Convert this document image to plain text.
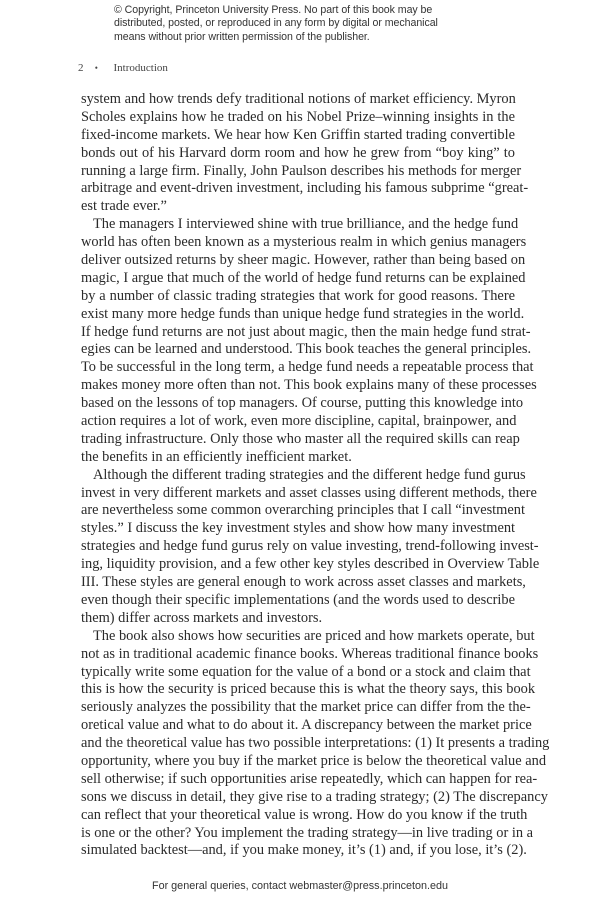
© Copyright, Princeton University Press. No part of this book may be
distributed, posted, or reproduced in any form by digital or mechanical
means without prior written permission of the publisher.
2 • Introduction
system and how trends defy traditional notions of market efficiency. Myron
Scholes explains how he traded on his Nobel Prize–winning insights in the
fixed-income markets. We hear how Ken Griffin started trading convertible
bonds out of his Harvard dorm room and how he grew from “boy king” to
running a large firm. Finally, John Paulson describes his methods for merger
arbitrage and event-driven investment, including his famous subprime “great-
est trade ever.”
The managers I interviewed shine with true brilliance, and the hedge fund
world has often been known as a mysterious realm in which genius managers
deliver outsized returns by sheer magic. However, rather than being based on
magic, I argue that much of the world of hedge fund returns can be explained
by a number of classic trading strategies that work for good reasons. There
exist many more hedge funds than unique hedge fund strategies in the world.
If hedge fund returns are not just about magic, then the main hedge fund strat-
egies can be learned and understood. This book teaches the general principles.
To be successful in the long term, a hedge fund needs a repeatable process that
makes money more often than not. This book explains many of these processes
based on the lessons of top managers. Of course, putting this knowledge into
action requires a lot of work, even more discipline, capital, brainpower, and
trading infrastructure. Only those who master all the required skills can reap
the benefits in an efficiently inefficient market.
Although the different trading strategies and the different hedge fund gurus
invest in very different markets and asset classes using different methods, there
are nevertheless some common overarching principles that I call “investment
styles.” I discuss the key investment styles and show how many investment
strategies and hedge fund gurus rely on value investing, trend-following invest-
ing, liquidity provision, and a few other key styles described in Overview Table
III. These styles are general enough to work across asset classes and markets,
even though their specific implementations (and the words used to describe
them) differ across markets and investors.
The book also shows how securities are priced and how markets operate, but
not as in traditional academic finance books. Whereas traditional finance books
typically write some equation for the value of a bond or a stock and claim that
this is how the security is priced because this is what the theory says, this book
seriously analyzes the possibility that the market price can differ from the the-
oretical value and what to do about it. A discrepancy between the market price
and the theoretical value has two possible interpretations: (1) It presents a trading
opportunity, where you buy if the market price is below the theoretical value and
sell otherwise; if such opportunities arise repeatedly, which can happen for rea-
sons we discuss in detail, they give rise to a trading strategy; (2) The discrepancy
can reflect that your theoretical value is wrong. How do you know if the truth
is one or the other? You implement the trading strategy—in live trading or in a
simulated backtest—and, if you make money, it’s (1) and, if you lose, it’s (2).
For general queries, contact webmaster@press.princeton.edu
